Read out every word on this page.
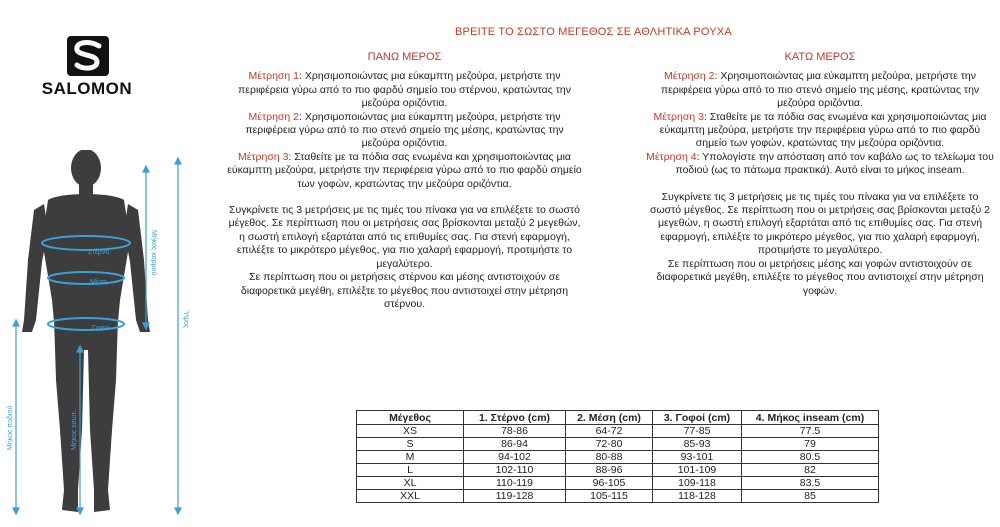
ΒΡΕΙΤΕ ΤΟ ΣΩΣΤΟ ΜΕΓΕΘΟΣ ΣΕ ΑΘΛΗΤΙΚΑ ΡΟΥΧΑ
SALOMON
Στέρνο
Μέση
Γοφοί
Μήκος κορμού
Ύψος
Μήκος ποδιού	Μήκος εσωτ.
ΠΑΝΩ ΜΕΡΟΣ

Μέτρηση 1: Χρησιμοποιώντας μια εύκαμπτη μεζούρα, μετρήστε την περιφέρεια γύρω από το πιο φαρδύ σημείο του στέρνου, κρατώντας την μεζούρα οριζόντια.

Μέτρηση 2: Χρησιμοποιώντας μια εύκαμπτη μεζούρα, μετρήστε την περιφέρεια γύρω από το πιο στενό σημείο της μέσης, κρατώντας την μεζούρα οριζόντια.

Μέτρηση 3: Σταθείτε με τα πόδια σας ενωμένα και χρησιμοποιώντας μια εύκαμπτη μεζούρα, μετρήστε την περιφέρεια γύρω από το πιο φαρδύ σημείο των γοφών, κρατώντας την μεζούρα οριζόντια.

Συγκρίνετε τις 3 μετρήσεις με τις τιμές του πίνακα για να επιλέξετε το σωστό μέγεθος. Σε περίπτωση που οι μετρήσεις σας βρίσκονται μεταξύ 2 μεγεθών, η σωστή επιλογή εξαρτάται από τις επιθυμίες σας. Για στενή εφαρμογή, επιλέξτε το μικρότερο μέγεθος, για πιο χαλαρή εφαρμογή, προτιμήστε το μεγαλύτερο.

Σε περίπτωση που οι μετρήσεις στέρνου και μέσης αντιστοιχούν σε διαφορετικά μεγέθη, επιλέξτε το μέγεθος που αντιστοιχεί στην μέτρηση στέρνου.

ΚΑΤΩ ΜΕΡΟΣ

Μέτρηση 2: Χρησιμοποιώντας μια εύκαμπτη μεζούρα, μετρήστε την περιφέρεια γύρω από το πιο στενό σημείο της μέσης, κρατώντας την μεζούρα οριζόντια.

Μέτρηση 3: Σταθείτε με τα πόδια σας ενωμένα και χρησιμοποιώντας μια εύκαμπτη μεζούρα, μετρήστε την περιφέρεια γύρω από το πιο φαρδύ σημείο των γοφών, κρατώντας την μεζούρα οριζόντια.

Μέτρηση 4: Υπολογίστε την απόσταση από τον καβάλο ως το τελείωμα του ποδιού (ως το πάτωμα πρακτικά). Αυτό είναι το μήκος inseam.

Συγκρίνετε τις 3 μετρήσεις με τις τιμές του πίνακα για να επιλέξετε το σωστό μέγεθος. Σε περίπτωση που οι μετρήσεις σας βρίσκονται μεταξύ 2 μεγεθών, η σωστή επιλογή εξαρτάται από τις επιθυμίες σας. Για στενή εφαρμογή, επιλέξτε το μικρότερο μέγεθος, για πιο χαλαρή εφαρμογή, προτιμήστε το μεγαλύτερο.

Σε περίπτωση που οι μετρήσεις μέσης και γοφών αντιστοιχούν σε διαφορετικά μεγέθη, επιλέξτε το μέγεθος που αντιστοιχεί στην μέτρηση γοφών.

Μέγεθος	1. Στέρνο (cm)	2. Μέση (cm)	3. Γοφοί (cm)	4. Μήκος inseam (cm)
XS	78-86	64-72	77-85	77.5
S	86-94	72-80	85-93	79
M	94-102	80-88	93-101	80.5
L	102-110	88-96	101-109	82
XL	110-119	96-105	109-118	83.5
XXL	119-128	105-115	118-128	85
